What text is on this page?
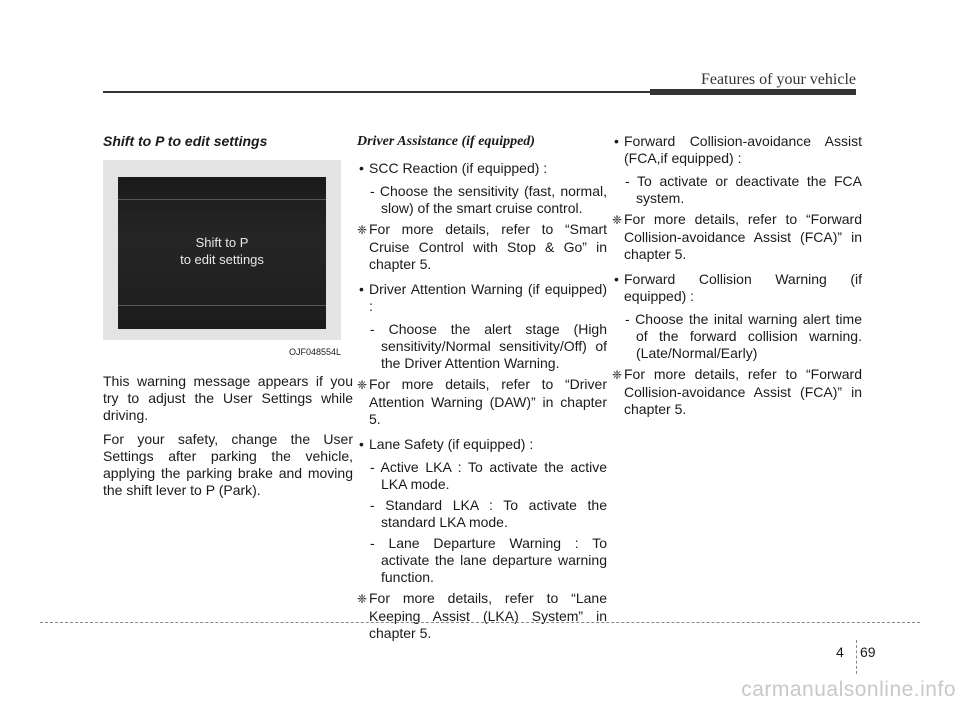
Features of your vehicle
Shift to P to edit settings
Shift to P
to edit settings
OJF048554L

This warning message appears if you try to adjust the User Settings while driving.

For your safety, change the User Settings after parking the vehicle, applying the parking brake and moving the shift lever to P (Park).

Driver Assistance (if equipped)
• SCC Reaction (if equipped) :
- Choose the sensitivity (fast, normal, slow) of the smart cruise control.
❈ For more details, refer to “Smart Cruise Control with Stop & Go” in chapter 5.
• Driver Attention Warning (if equipped) :
- Choose the alert stage (High sensitivity/Normal sensitivity/Off) of the Driver Attention Warning.
❈ For more details, refer to “Driver Attention Warning (DAW)” in chapter 5.
• Lane Safety (if equipped) :
- Active LKA : To activate the active LKA mode.
- Standard LKA : To activate the standard LKA mode.
- Lane Departure Warning : To activate the lane departure warning function.
❈ For more details, refer to “Lane Keeping Assist (LKA) System” in chapter 5.
• Forward Collision-avoidance Assist (FCA,if equipped) :
- To activate or deactivate the FCA system.
❈ For more details, refer to “Forward Collision-avoidance Assist (FCA)” in chapter 5.
• Forward Collision Warning (if equipped) :
- Choose the inital warning alert time of the forward collision warning. (Late/Normal/Early)
❈ For more details, refer to “Forward Collision-avoidance Assist (FCA)” in chapter 5.
4 69
carmanualsonline.info
